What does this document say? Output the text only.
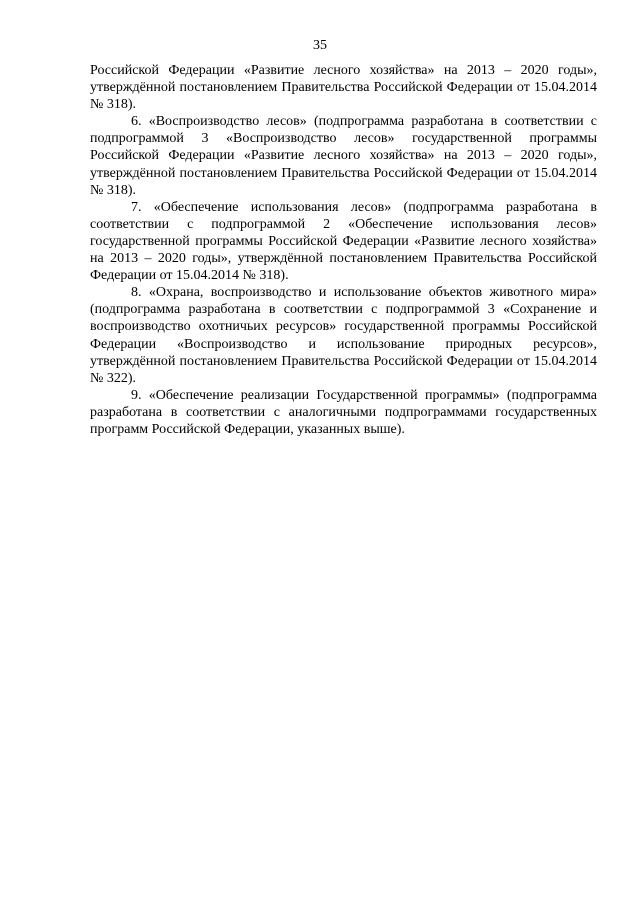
35

Российской Федерации «Развитие лесного хозяйства» на 2013 – 2020 годы», утверждённой постановлением Правительства Российской Федерации от 15.04.2014 № 318).

6. «Воспроизводство лесов» (подпрограмма разработана в соответствии с подпрограммой 3 «Воспроизводство лесов» государственной программы Российской Федерации «Развитие лесного хозяйства» на 2013 – 2020 годы», утверждённой постановлением Правительства Российской Федерации от 15.04.2014 № 318).

7. «Обеспечение использования лесов» (подпрограмма разработана в соответствии с подпрограммой 2 «Обеспечение использования лесов» государственной программы Российской Федерации «Развитие лесного хозяйства» на 2013 – 2020 годы», утверждённой постановлением Правительства Российской Федерации от 15.04.2014 № 318).

8. «Охрана, воспроизводство и использование объектов животного мира» (подпрограмма разработана в соответствии с подпрограммой 3 «Сохранение и воспроизводство охотничьих ресурсов» государственной программы Российской Федерации «Воспроизводство и использование природных ресурсов», утверждённой постановлением Правительства Российской Федерации от 15.04.2014 № 322).

9. «Обеспечение реализации Государственной программы» (подпрограмма разработана в соответствии с аналогичными подпрограммами государственных программ Российской Федерации, указанных выше).
